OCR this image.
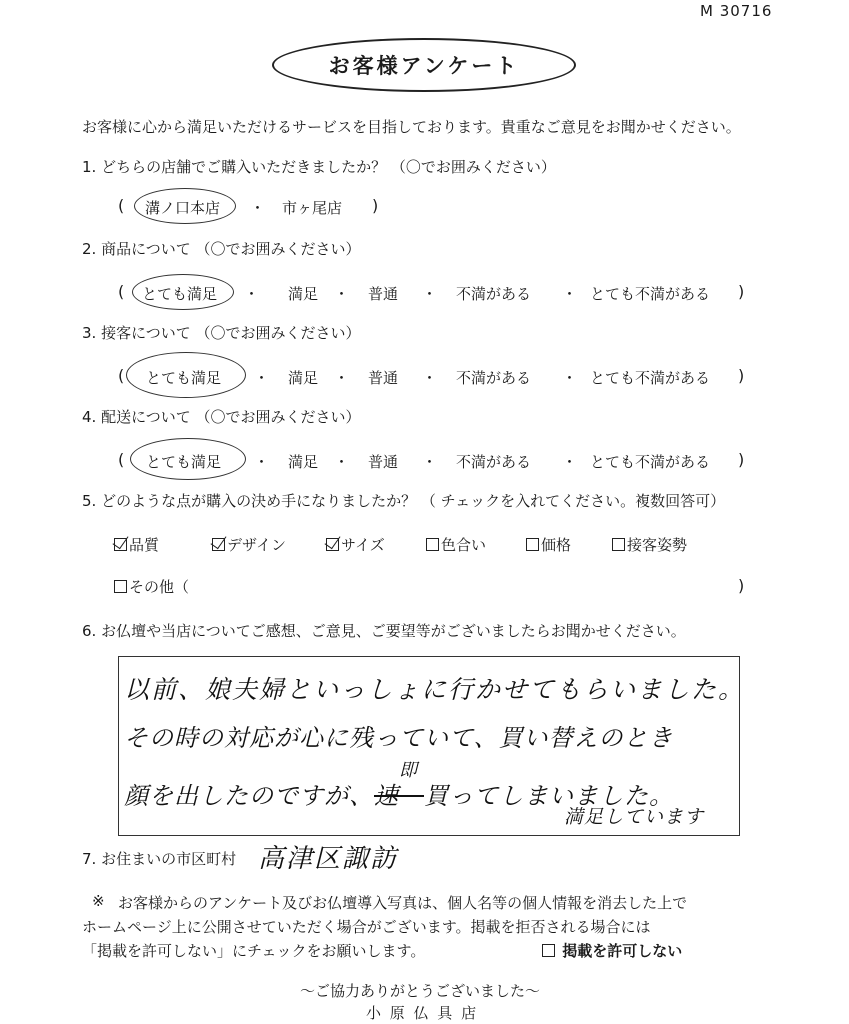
M 30716
お客様アンケート
お客様に心から満足いただけるサービスを目指しております。貴重なご意見をお聞かせください。
1. どちらの店舗でご購入いただきましたか？ （〇でお囲みください）
( 溝ノ口本店 ・ 市ヶ尾店 )
2. 商品について （〇でお囲みください）
( とても満足 ・ 満足 ・ 普通 ・ 不満がある ・ とても不満がある )
3. 接客について （〇でお囲みください）
( とても満足 ・ 満足 ・ 普通 ・ 不満がある ・ とても不満がある )
4. 配送について （〇でお囲みください）
( とても満足 ・ 満足 ・ 普通 ・ 不満がある ・ とても不満がある )
5. どのような点が購入の決め手になりましたか？ （ チェックを入れてください。複数回答可）
品質	デザイン	サイズ	色合い	価格	接客姿勢
その他（	)
6. お仏壇や当店についてご感想、ご意見、ご要望等がございましたらお聞かせください。
以前、娘夫婦といっしょに行かせてもらいました。
その時の対応が心に残っていて、買い替えのとき
顔を出したのですが、速
即
　買ってしまいました。
満足しています
7. お住まいの市区町村 高津区諏訪
※ お客様からのアンケート及びお仏壇導入写真は、個人名等の個人情報を消去した上で
ホームページ上に公開させていただく場合がございます。掲載を拒否される場合には
「掲載を許可しない」にチェックをお願いします。	掲載を許可しない
〜ご協力ありがとうございました〜
小 原 仏 具 店
